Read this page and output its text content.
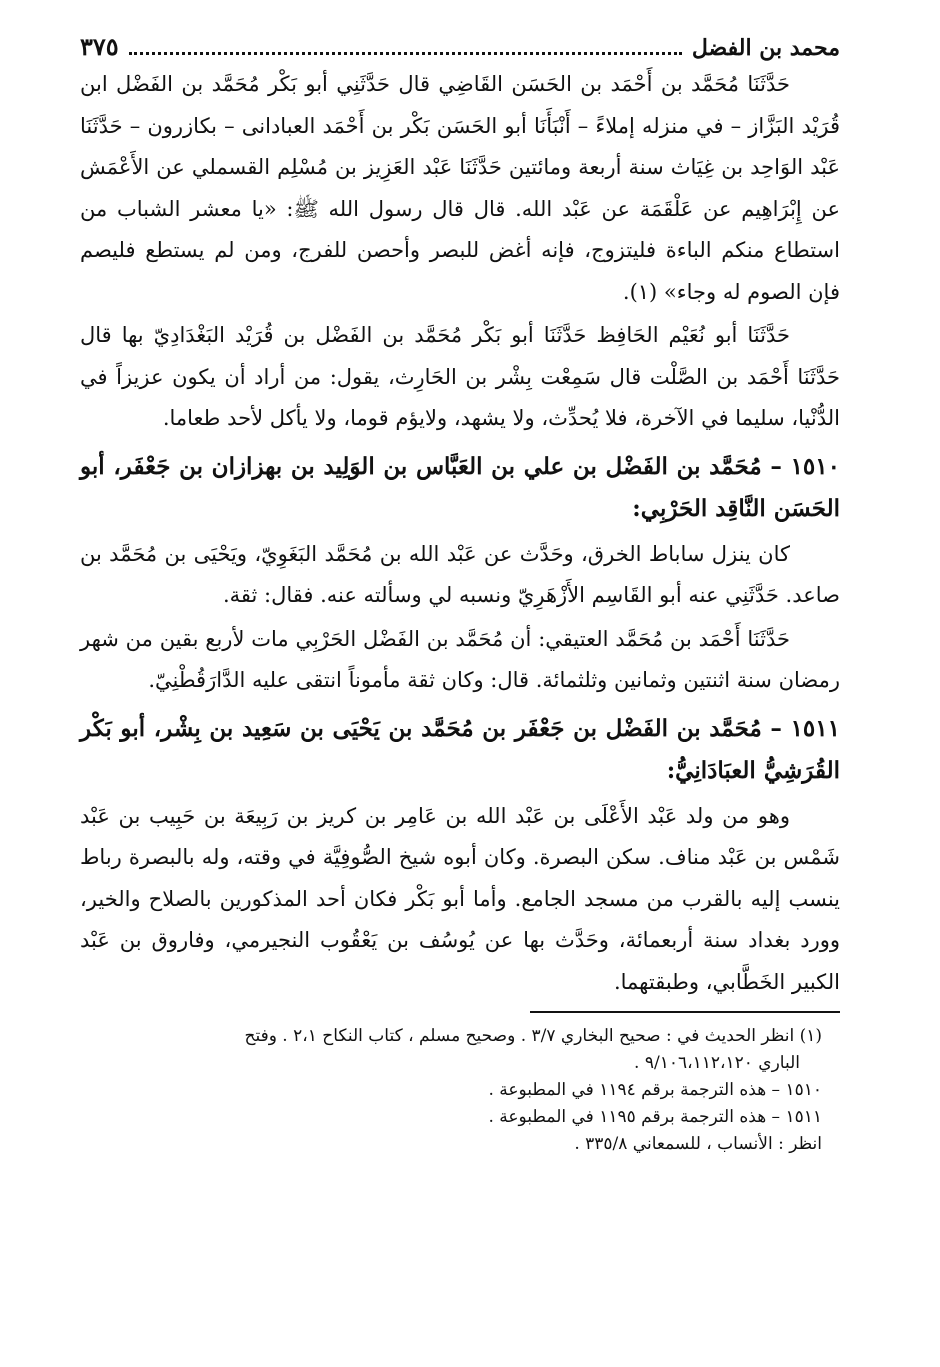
محمد بن الفضل
٣٧٥

حَدَّثَنَا مُحَمَّد بن أَحْمَد بن الحَسَن القَاضِي قال حَدَّثَنِي أبو بَكْر مُحَمَّد بن الفَضْل ابن قُرَيْد البَزَّاز – في منزله إملاءً – أَنْبَأَنَا أبو الحَسَن بَكْر بن أَحْمَد العبادانى – بكازرون – حَدَّثَنَا عَبْد الوَاحِد بن غِيَاث سنة أربعة ومائتين حَدَّثَنَا عَبْد العَزِيز بن مُسْلِم القسملي عن الأَعْمَش عن إِبْرَاهِيم عن عَلْقَمَة عن عَبْد الله. قال قال رسول الله ﷺ: «يا معشر الشباب من استطاع منكم الباءة فليتزوج، فإنه أغض للبصر وأحصن للفرج، ومن لم يستطع فليصم فإن الصوم له وجاء» (١).

حَدَّثَنَا أبو نُعَيْم الحَافِظ حَدَّثَنَا أبو بَكْر مُحَمَّد بن الفَضْل بن قُرَيْد البَغْدَادِيّ بها قال حَدَّثَنَا أَحْمَد بن الصَّلْت قال سَمِعْت بِشْر بن الحَارِث، يقول: من أراد أن يكون عزيزاً في الدُّنْيا، سليما في الآخرة، فلا يُحدِّث، ولا يشهد، ولايؤم قوما، ولا يأكل لأحد طعاما.

١٥١٠ – مُحَمَّد بن الفَضْل بن علي بن العَبَّاس بن الوَلِيد بن بهزازان بن جَعْفَر، أبو الحَسَن النَّاقِد الحَرْبِي:

كان ينزل ساباط الخرق، وحَدَّث عن عَبْد الله بن مُحَمَّد البَغَوِيّ، ويَحْيَى بن مُحَمَّد بن صاعد. حَدَّثَنِي عنه أبو القَاسِم الأَزْهَرِيّ ونسبه لي وسألته عنه. فقال: ثقة.

حَدَّثَنَا أَحْمَد بن مُحَمَّد العتيقي: أن مُحَمَّد بن الفَضْل الحَرْبِي مات لأربع بقين من شهر رمضان سنة اثنتين وثمانين وثلثمائة. قال: وكان ثقة مأموناً انتقى عليه الدَّارَقُطْنِيّ.

١٥١١ – مُحَمَّد بن الفَضْل بن جَعْفَر بن مُحَمَّد بن يَحْيَى بن سَعِيد بن بِشْر، أبو بَكْر القُرَشِيُّ العبَادَانِيُّ:

وهو من ولد عَبْد الأَعْلَى بن عَبْد الله بن عَامِر بن كريز بن رَبِيعَة بن حَبِيب بن عَبْد شَمْس بن عَبْد مناف. سكن البصرة. وكان أبوه شيخ الصُّوفِيَّة في وقته، وله بالبصرة رباط ينسب إليه بالقرب من مسجد الجامع. وأما أبو بَكْر فكان أحد المذكورين بالصلاح والخير، وورد بغداد سنة أربعمائة، وحَدَّث بها عن يُوسُف بن يَعْقُوب النجيرمي، وفاروق بن عَبْد الكبير الخَطَّابي، وطبقتهما.

(١) انظر الحديث في : صحيح البخاري ٣/٧ . وصحيح مسلم ، كتاب النكاح ٢،١ . وفتح

الباري ٩/١٠٦،١١٢،١٢٠ .

١٥١٠ – هذه الترجمة برقم ١١٩٤ في المطبوعة .

١٥١١ – هذه الترجمة برقم ١١٩٥ في المطبوعة .

انظر : الأنساب ، للسمعاني ٣٣٥/٨ .
